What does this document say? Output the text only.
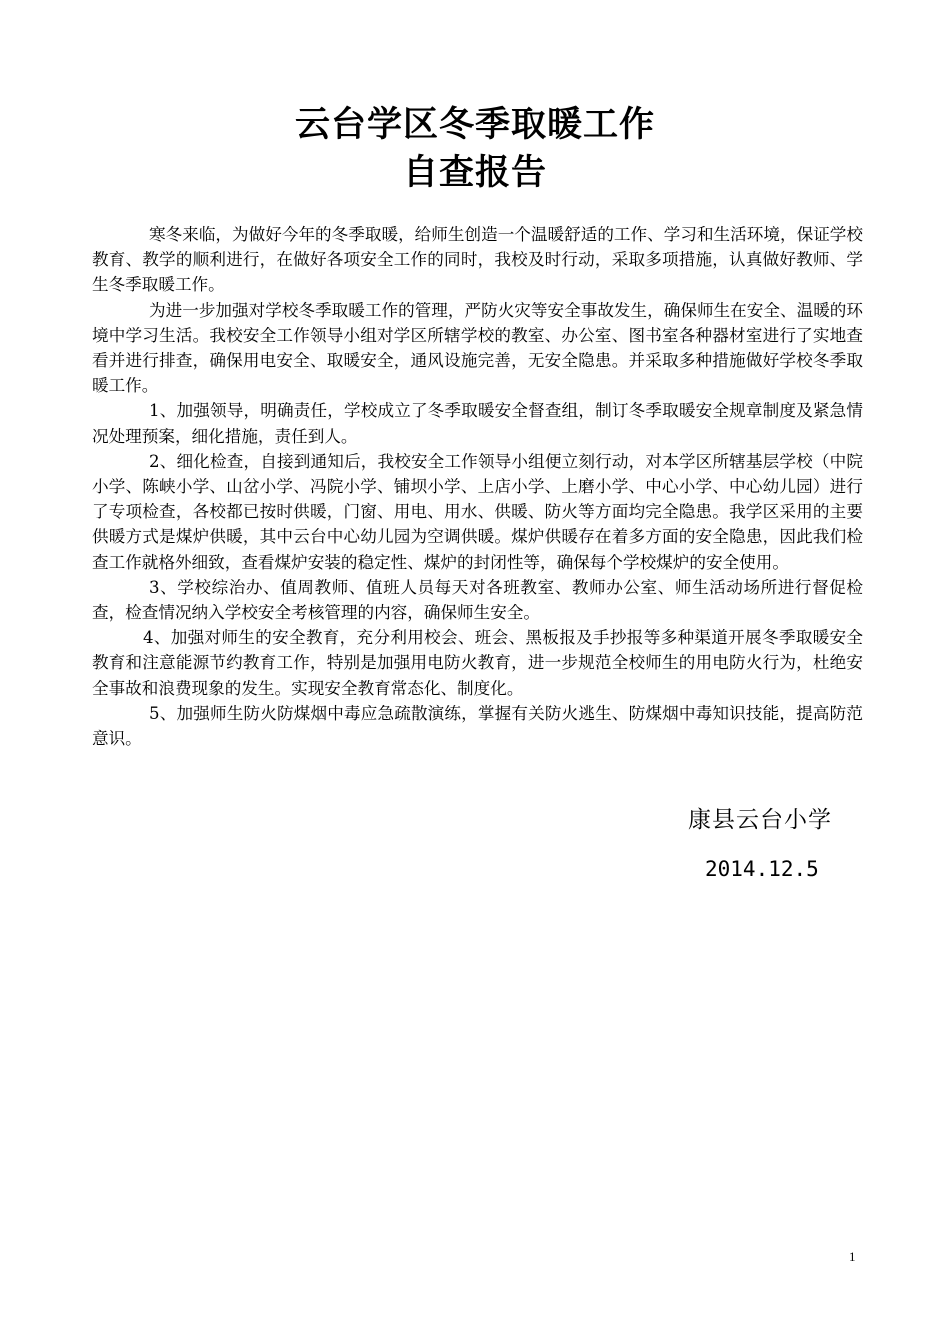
云台学区冬季取暖工作
自查报告

寒冬来临，为做好今年的冬季取暖，给师生创造一个温暖舒适的工作、学习和生活环境，保证学校教育、教学的顺利进行，在做好各项安全工作的同时，我校及时行动，采取多项措施，认真做好教师、学生冬季取暖工作。

为进一步加强对学校冬季取暖工作的管理，严防火灾等安全事故发生，确保师生在安全、温暖的环境中学习生活。我校安全工作领导小组对学区所辖学校的教室、办公室、图书室各种器材室进行了实地查看并进行排查，确保用电安全、取暖安全，通风设施完善，无安全隐患。并采取多种措施做好学校冬季取暖工作。

1、加强领导，明确责任，学校成立了冬季取暖安全督查组，制订冬季取暖安全规章制度及紧急情况处理预案，细化措施，责任到人。

2、细化检查，自接到通知后，我校安全工作领导小组便立刻行动，对本学区所辖基层学校（中院小学、陈峡小学、山岔小学、冯院小学、铺坝小学、上店小学、上磨小学、中心小学、中心幼儿园）进行了专项检查，各校都已按时供暖，门窗、用电、用水、供暖、防火等方面均完全隐患。我学区采用的主要供暖方式是煤炉供暖，其中云台中心幼儿园为空调供暖。煤炉供暖存在着多方面的安全隐患，因此我们检查工作就格外细致，查看煤炉安装的稳定性、煤炉的封闭性等，确保每个学校煤炉的安全使用。

3、学校综治办、值周教师、值班人员每天对各班教室、教师办公室、师生活动场所进行督促检查，检查情况纳入学校安全考核管理的内容，确保师生安全。

4、加强对师生的安全教育，充分利用校会、班会、黑板报及手抄报等多种渠道开展冬季取暖安全教育和注意能源节约教育工作，特别是加强用电防火教育，进一步规范全校师生的用电防火行为，杜绝安全事故和浪费现象的发生。实现安全教育常态化、制度化。

5、加强师生防火防煤烟中毒应急疏散演练，掌握有关防火逃生、防煤烟中毒知识技能，提高防范意识。

康县云台小学
2014.12.5
1
